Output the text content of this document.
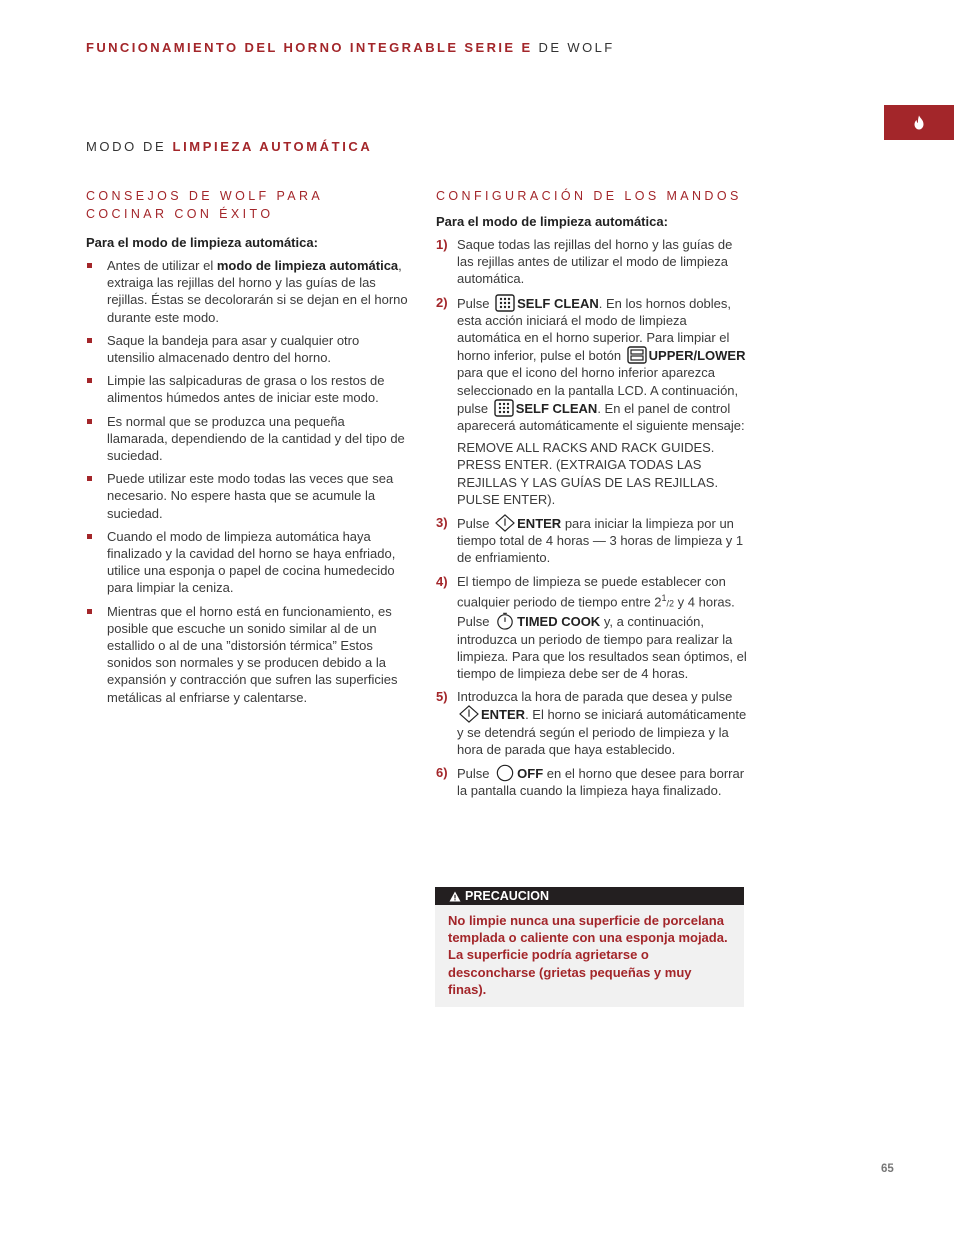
FUNCIONAMIENTO DEL HORNO INTEGRABLE SERIE E DE WOLF
MODO DE LIMPIEZA AUTOMÁTICA
CONSEJOS DE WOLF PARA COCINAR CON ÉXITO
Para el modo de limpieza automática:
Antes de utilizar el modo de limpieza automática, extraiga las rejillas del horno y las guías de las rejillas. Éstas se decolorarán si se dejan en el horno durante este modo.
Saque la bandeja para asar y cualquier otro utensilio almacenado dentro del horno.
Limpie las salpicaduras de grasa o los restos de alimentos húmedos antes de iniciar este modo.
Es normal que se produzca una pequeña llamarada, dependiendo de la cantidad y del tipo de suciedad.
Puede utilizar este modo todas las veces que sea necesario. No espere hasta que se acumule la suciedad.
Cuando el modo de limpieza automática haya finalizado y la cavidad del horno se haya enfriado, utilice una esponja o papel de cocina humedecido para limpiar la ceniza.
Mientras que el horno está en funcionamiento, es posible que escuche un sonido similar al de un estallido o al de una ”distorsión térmica” Estos sonidos son normales y se producen debido a la expansión y contracción que sufren las superficies metálicas al enfriarse y calentarse.
CONFIGURACIÓN DE LOS MANDOS
Para el modo de limpieza automática:
1) Saque todas las rejillas del horno y las guías de las rejillas antes de utilizar el modo de limpieza automática.
2) Pulse SELF CLEAN. En los hornos dobles, esta acción iniciará el modo de limpieza automática en el horno superior. Para limpiar el horno inferior, pulse el botón UPPER/LOWER para que el icono del horno inferior aparezca seleccionado en la pantalla LCD. A continuación, pulse SELF CLEAN. En el panel de control aparecerá automáticamente el siguiente mensaje:
REMOVE ALL RACKS AND RACK GUIDES. PRESS ENTER. (EXTRAIGA TODAS LAS REJILLAS Y LAS GUÍAS DE LAS REJILLAS. PULSE ENTER).
3) Pulse ENTER para iniciar la limpieza por un tiempo total de 4 horas — 3 horas de limpieza y 1 de enfriamiento.
4) El tiempo de limpieza se puede establecer con cualquier periodo de tiempo entre $2^1/2$ y 4 horas. Pulse TIMED COOK y, a continuación, introduzca un periodo de tiempo para realizar la limpieza. Para que los resultados sean óptimos, el tiempo de limpieza debe ser de 4 horas.
5) Introduzca la hora de parada que desea y pulse ENTER. El horno se iniciará automáticamente y se detendrá según el periodo de limpieza y la hora de parada que haya establecido.
6) Pulse OFF en el horno que desee para borrar la pantalla cuando la limpieza haya finalizado.
PRECAUCION
No limpie nunca una superficie de porcelana templada o caliente con una esponja mojada. La superficie podría agrietarse o desconcharse (grietas pequeñas y muy finas).
65
